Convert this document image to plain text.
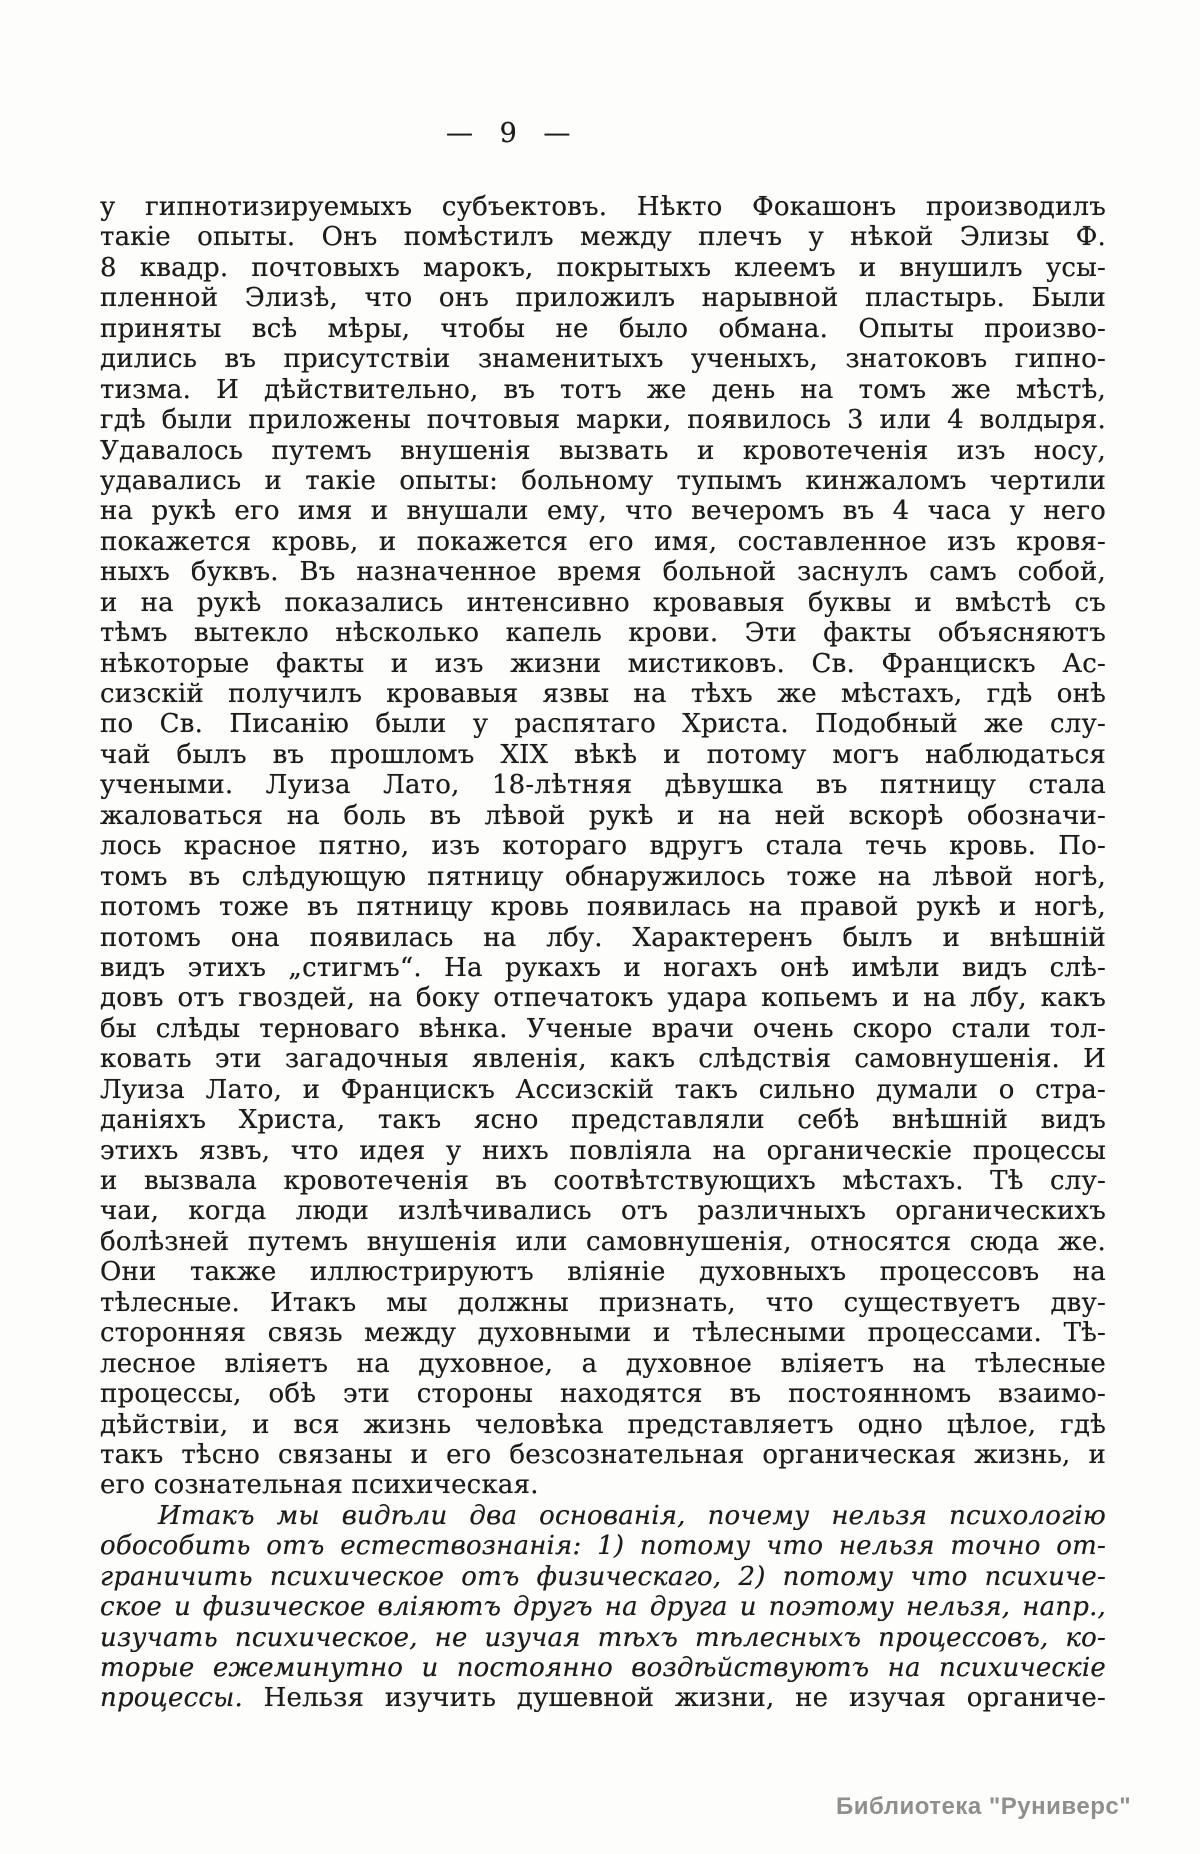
— 9 —
у гипнотизируемыхъ субъектовъ. Нѣкто Фокашонъ производилъ
такіе опыты. Онъ помѣстилъ между плечъ у нѣкой Элизы Ф.
8 квадр. почтовыхъ марокъ, покрытыхъ клеемъ и внушилъ усы-
пленной Элизѣ, что онъ приложилъ нарывной пластырь. Были
приняты всѣ мѣры, чтобы не было обмана. Опыты произво-
дились въ присутствіи знаменитыхъ ученыхъ, знатоковъ гипно-
тизма. И дѣйствительно, въ тотъ же день на томъ же мѣстѣ,
гдѣ были приложены почтовыя марки, появилось 3 или 4 волдыря.
Удавалось путемъ внушенія вызвать и кровотеченія изъ носу,
удавались и такіе опыты: больному тупымъ кинжаломъ чертили
на рукѣ его имя и внушали ему, что вечеромъ въ 4 часа у него
покажется кровь, и покажется его имя, составленное изъ кровя-
ныхъ буквъ. Въ назначенное время больной заснулъ самъ собой,
и на рукѣ показались интенсивно кровавыя буквы и вмѣстѣ съ
тѣмъ вытекло нѣсколько капель крови. Эти факты объясняютъ
нѣкоторые факты и изъ жизни мистиковъ. Св. Францискъ Ас-
сизскій получилъ кровавыя язвы на тѣхъ же мѣстахъ, гдѣ онѣ
по Св. Писанію были у распятаго Христа. Подобный же слу-
чай былъ въ прошломъ XIX вѣкѣ и потому могъ наблюдаться
учеными. Луиза Лато, 18-лѣтняя дѣвушка въ пятницу стала
жаловаться на боль въ лѣвой рукѣ и на ней вскорѣ обозначи-
лось красное пятно, изъ котораго вдругъ стала течь кровь. По-
томъ въ слѣдующую пятницу обнаружилось тоже на лѣвой ногѣ,
потомъ тоже въ пятницу кровь появилась на правой рукѣ и ногѣ,
потомъ она появилась на лбу. Характеренъ былъ и внѣшній
видъ этихъ „стигмъ“. На рукахъ и ногахъ онѣ имѣли видъ слѣ-
довъ отъ гвоздей, на боку отпечатокъ удара копьемъ и на лбу, какъ
бы слѣды терноваго вѣнка. Ученые врачи очень скоро стали тол-
ковать эти загадочныя явленія, какъ слѣдствія самовнушенія. И
Луиза Лато, и Францискъ Ассизскій такъ сильно думали о стра-
даніяхъ Христа, такъ ясно представляли себѣ внѣшній видъ
этихъ язвъ, что идея у нихъ повліяла на органическіе процессы
и вызвала кровотеченія въ соотвѣтствующихъ мѣстахъ. Тѣ слу-
чаи, когда люди излѣчивались отъ различныхъ органическихъ
болѣзней путемъ внушенія или самовнушенія, относятся сюда же.
Они также иллюстрируютъ вліяніе духовныхъ процессовъ на
тѣлесные. Итакъ мы должны признать, что существуетъ дву-
сторонняя связь между духовными и тѣлесными процессами. Тѣ-
лесное вліяетъ на духовное, а духовное вліяетъ на тѣлесные
процессы, обѣ эти стороны находятся въ постоянномъ взаимо-
дѣйствіи, и вся жизнь человѣка представляетъ одно цѣлое, гдѣ
такъ тѣсно связаны и его безсознательная органическая жизнь, и
его сознательная психическая.
Итакъ мы видѣли два основанія, почему нельзя психологію
обособить отъ естествознанія: 1) потому что нельзя точно от-
граничить психическое отъ физическаго, 2) потому что психиче-
ское и физическое вліяютъ другъ на друга и поэтому нельзя, напр.,
изучать психическое, не изучая тѣхъ тѣлесныхъ процессовъ, ко-
торые ежеминутно и постоянно воздѣйствуютъ на психическіе
процессы. Нельзя изучить душевной жизни, не изучая органиче-
Библиотека "Руниверс"
